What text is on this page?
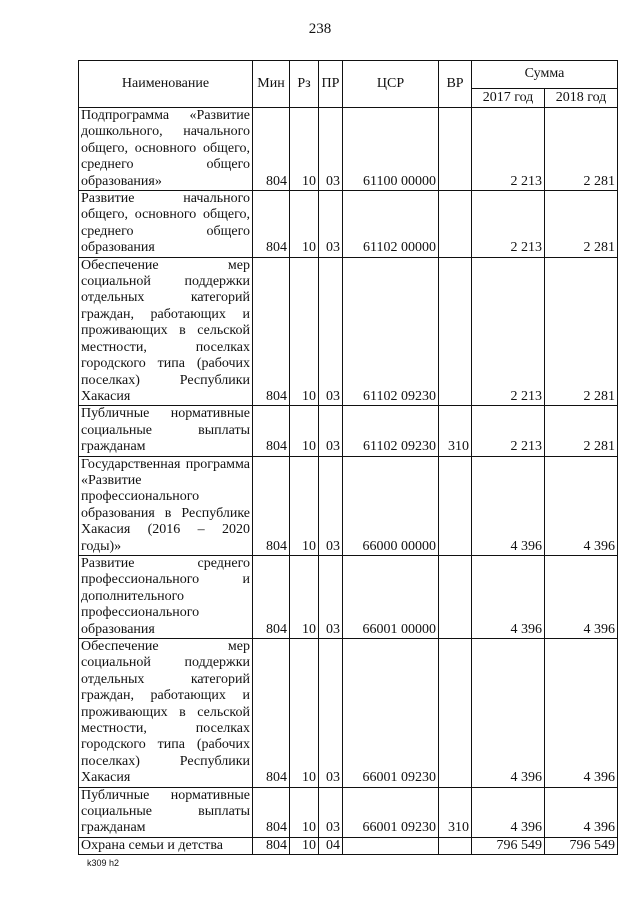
238
Наименование	Мин	Рз	ПР	ЦСР	ВР	Сумма	
						2017 год	2018 год
Подпрограмма «Развитие дошкольного, начального общего, основного общего, среднего общего образования»	804	10	03	61100 00000		2 213	2 281
Развитие начального общего, основного общего, среднего общего образования	804	10	03	61102 00000		2 213	2 281
Обеспечение мер социальной поддержки отдельных категорий граждан, работающих и проживающих в сельской местности, поселках городского типа (рабочих поселках) Республики Хакасия	804	10	03	61102 09230		2 213	2 281
Публичные нормативные социальные выплаты гражданам	804	10	03	61102 09230	310	2 213	2 281
Государственная программа «Развитие профессионального образования в Республике Хакасия (2016 – 2020 годы)»	804	10	03	66000 00000		4 396	4 396
Развитие среднего профессионального и дополнительного профессионального образования	804	10	03	66001 00000		4 396	4 396
Обеспечение мер социальной поддержки отдельных категорий граждан, работающих и проживающих в сельской местности, поселках городского типа (рабочих поселках) Республики Хакасия	804	10	03	66001 09230		4 396	4 396
Публичные нормативные социальные выплаты гражданам	804	10	03	66001 09230	310	4 396	4 396
Охрана семьи и детства	804	10	04			796 549	796 549
k309 h2
